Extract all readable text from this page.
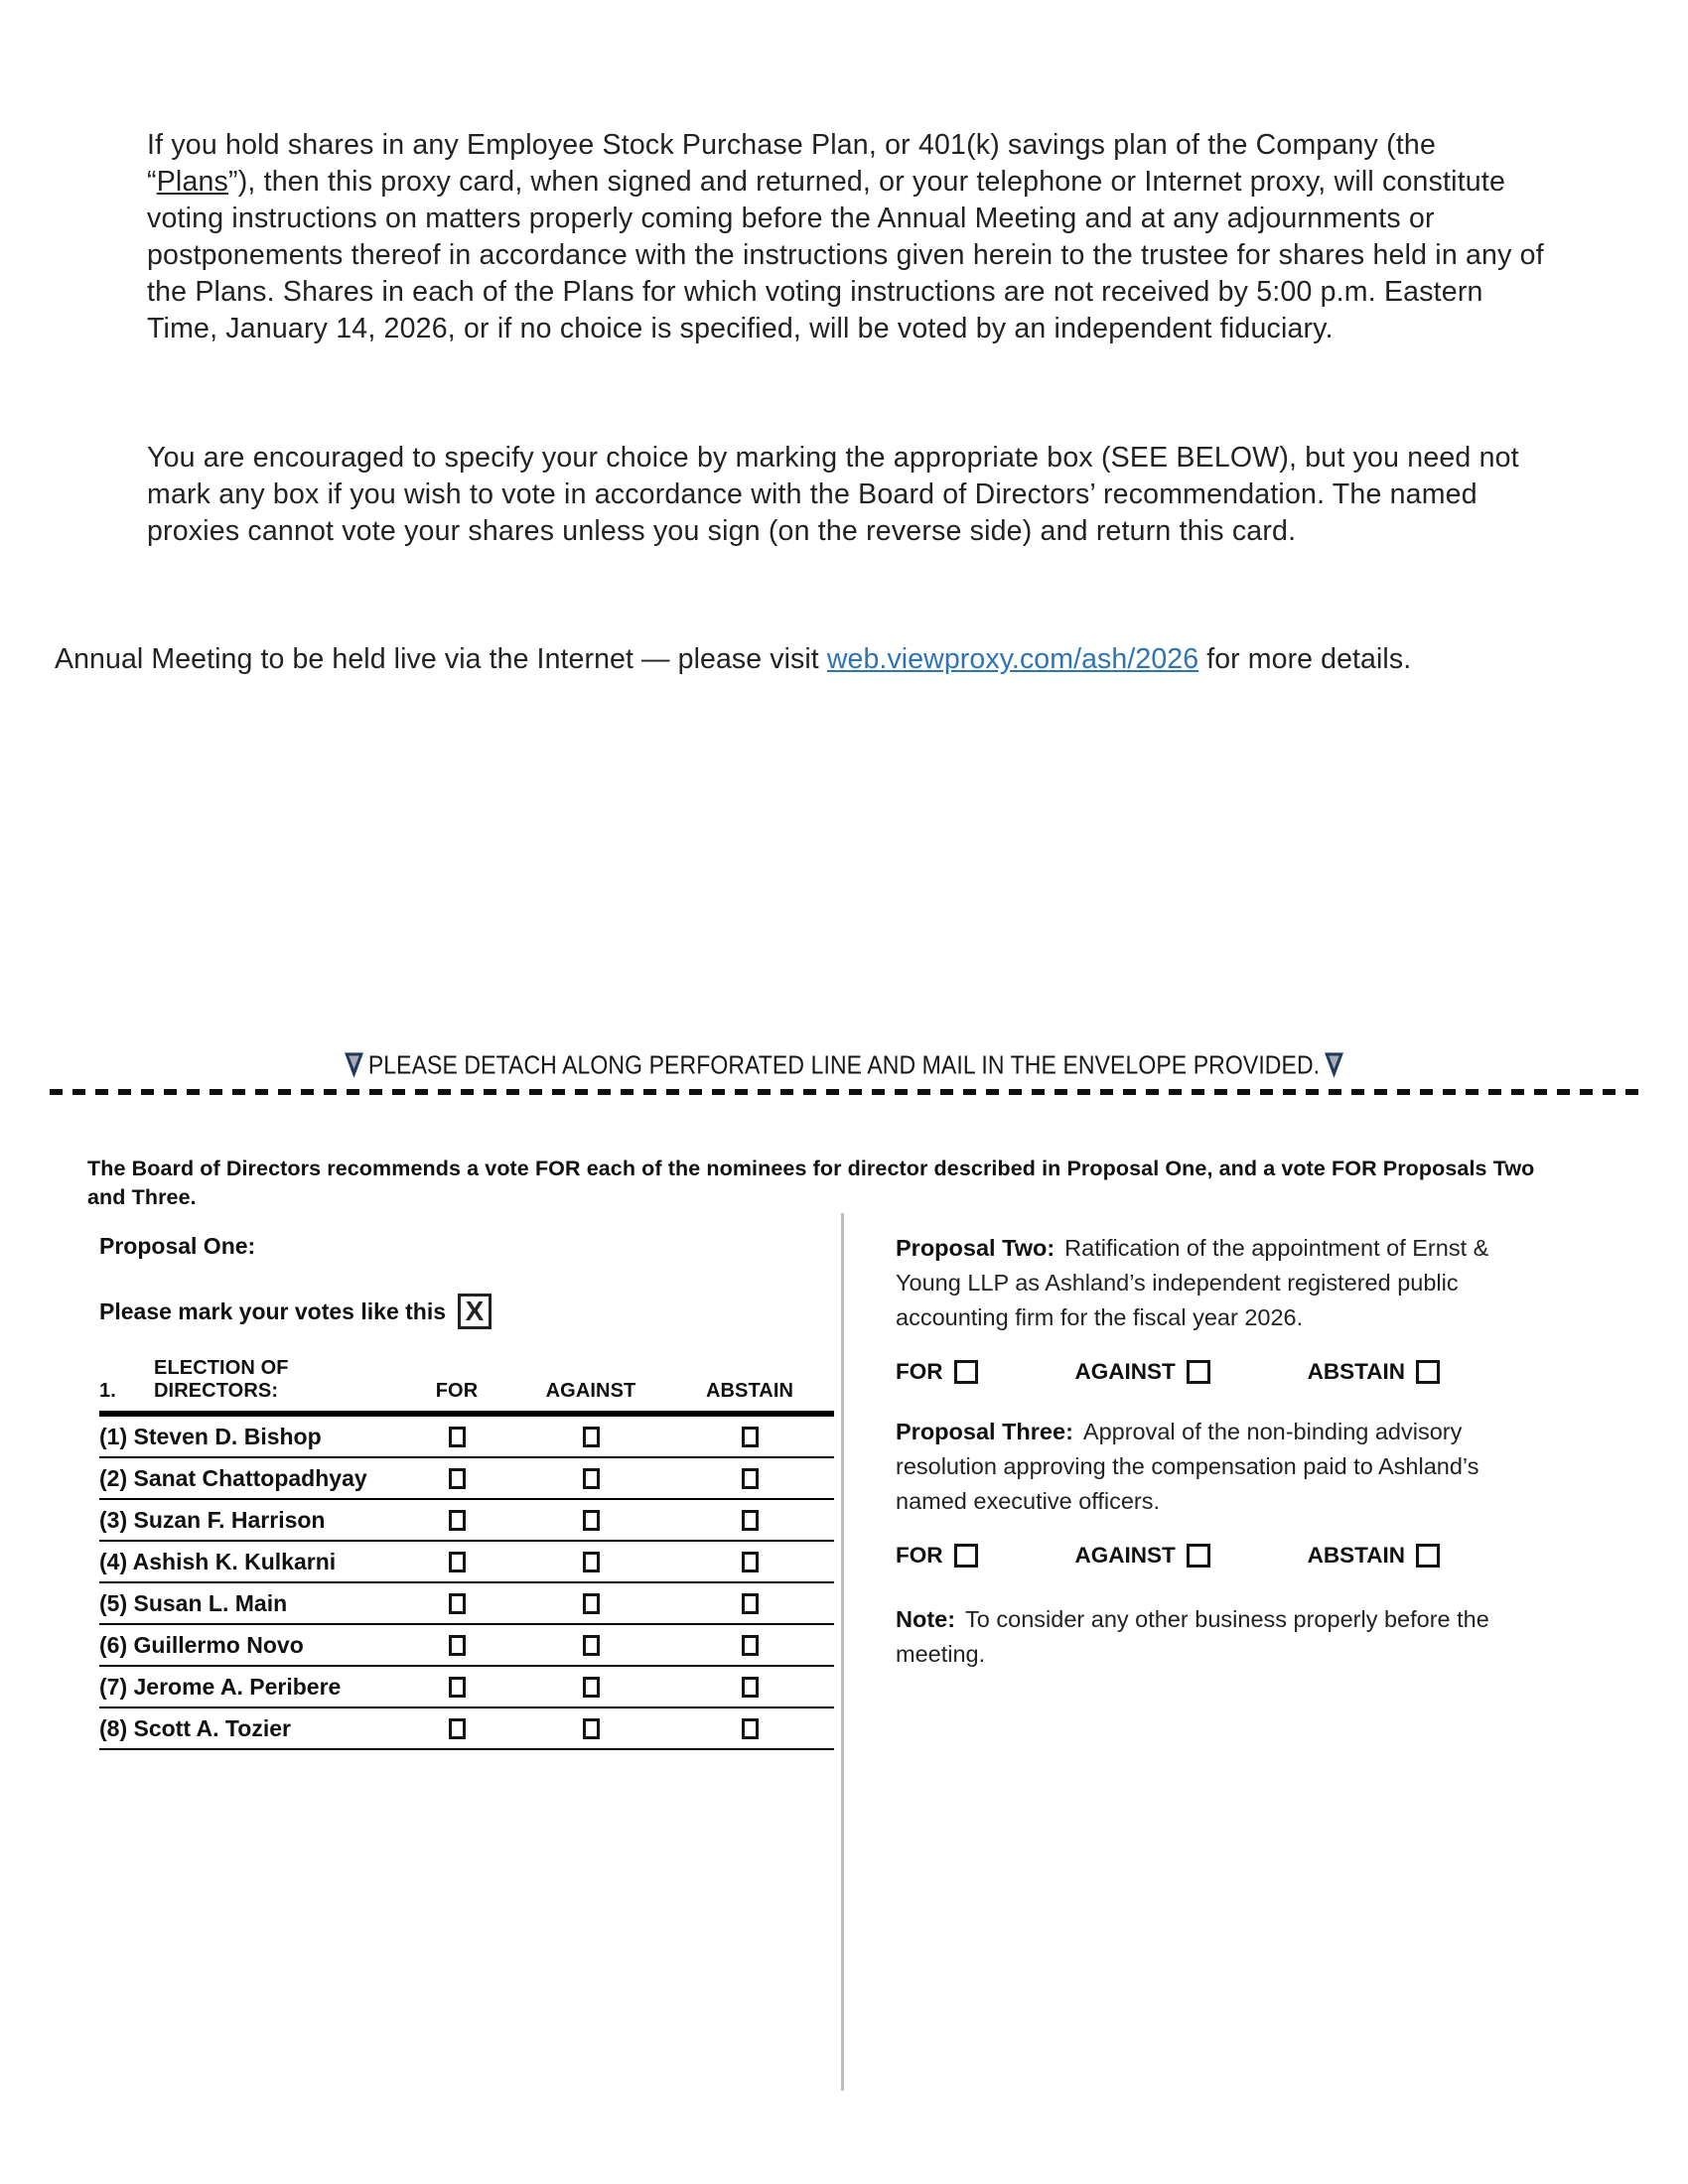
If you hold shares in any Employee Stock Purchase Plan, or 401(k) savings plan of the Company (the “Plans”), then this proxy card, when signed and returned, or your telephone or Internet proxy, will constitute voting instructions on matters properly coming before the Annual Meeting and at any adjournments or postponements thereof in accordance with the instructions given herein to the trustee for shares held in any of the Plans. Shares in each of the Plans for which voting instructions are not received by 5:00 p.m. Eastern Time, January 14, 2026, or if no choice is specified, will be voted by an independent fiduciary.

You are encouraged to specify your choice by marking the appropriate box (SEE BELOW), but you need not mark any box if you wish to vote in accordance with the Board of Directors’ recommendation. The named proxies cannot vote your shares unless you sign (on the reverse side) and return this card.

Annual Meeting to be held live via the Internet — please visit web.viewproxy.com/ash/2026 for more details.

PLEASE DETACH ALONG PERFORATED LINE AND MAIL IN THE ENVELOPE PROVIDED.

The Board of Directors recommends a vote FOR each of the nominees for director described in Proposal One, and a vote FOR Proposals Two and Three.

Proposal One:
Please mark your votes like this X
1.
ELECTION OF DIRECTORS:	FOR	AGAINST	ABSTAIN
(1) Steven D. Bishop
(2) Sanat Chattopadhyay
(3) Suzan F. Harrison
(4) Ashish K. Kulkarni
(5) Susan L. Main
(6) Guillermo Novo
(7) Jerome A. Peribere
(8) Scott A. Tozier

Proposal Two: Ratification of the appointment of Ernst & Young LLP as Ashland’s independent registered public accounting firm for the fiscal year 2026.

FOR	AGAINST	ABSTAIN

Proposal Three: Approval of the non-binding advisory resolution approving the compensation paid to Ashland’s named executive officers.

FOR	AGAINST	ABSTAIN

Note: To consider any other business properly before the meeting.
